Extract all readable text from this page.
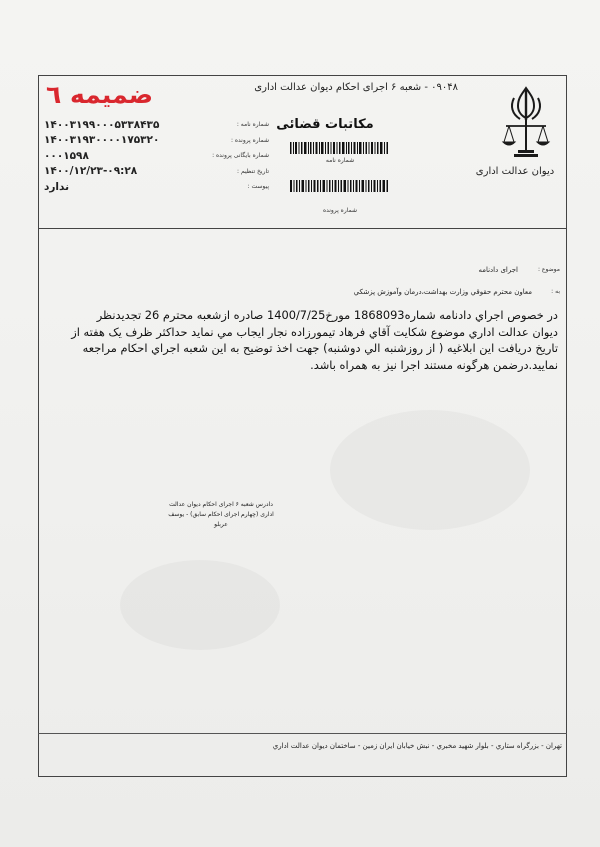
۰۹۰۴۸ - شعبه ۶ اجرای احکام دیوان عدالت اداری
ضمیمه ٦
دیوان عدالت اداری
مکاتبات قضائی
شماره نامه
شماره پرونده
شماره نامه :
۱۴۰۰۳۱۹۹۰۰۰۵۳۳۸۴۳۵
شماره پرونده :
۱۴۰۰۳۱۹۳۰۰۰۰۱۷۵۳۲۰
شماره بایگانی پرونده :
۰۰۰۱۵۹۸
تاریخ تنظیم :
۱۴۰۰/۱۲/۲۳-۰۹:۲۸
پیوست :
ندارد
موضوع :
اجرای دادنامه
به :
معاون محترم حقوقي وزارت بهداشت،درمان وآموزش پزشكي
در خصوص اجراي دادنامه شماره1868093 مورخ1400/7/25 صادره ازشعبه محترم 26 تجديدنظر
ديوان عدالت اداري موضوع شكايت آقاي فرهاد تيمورزاده نجار ايجاب مي نمايد حداكثر ظرف يک هفته از
تاريخ دريافت اين ابلاغيه ( از روزشنبه الي دوشنبه) جهت اخذ توضيح به اين شعبه اجراي احكام مراجعه
نماييد.درضمن هرگونه مستند اجرا نيز به همراه باشد.
دادرس شعبه ۶ اجرای احکام دیوان عدالت
اداری (چهارم اجرای احکام سابق) - یوسف
عربلو
تهران - بزرگراه ستاري - بلوار شهيد مخبري - نبش خيابان ايران زمين - ساختمان ديوان عدالت اداري
